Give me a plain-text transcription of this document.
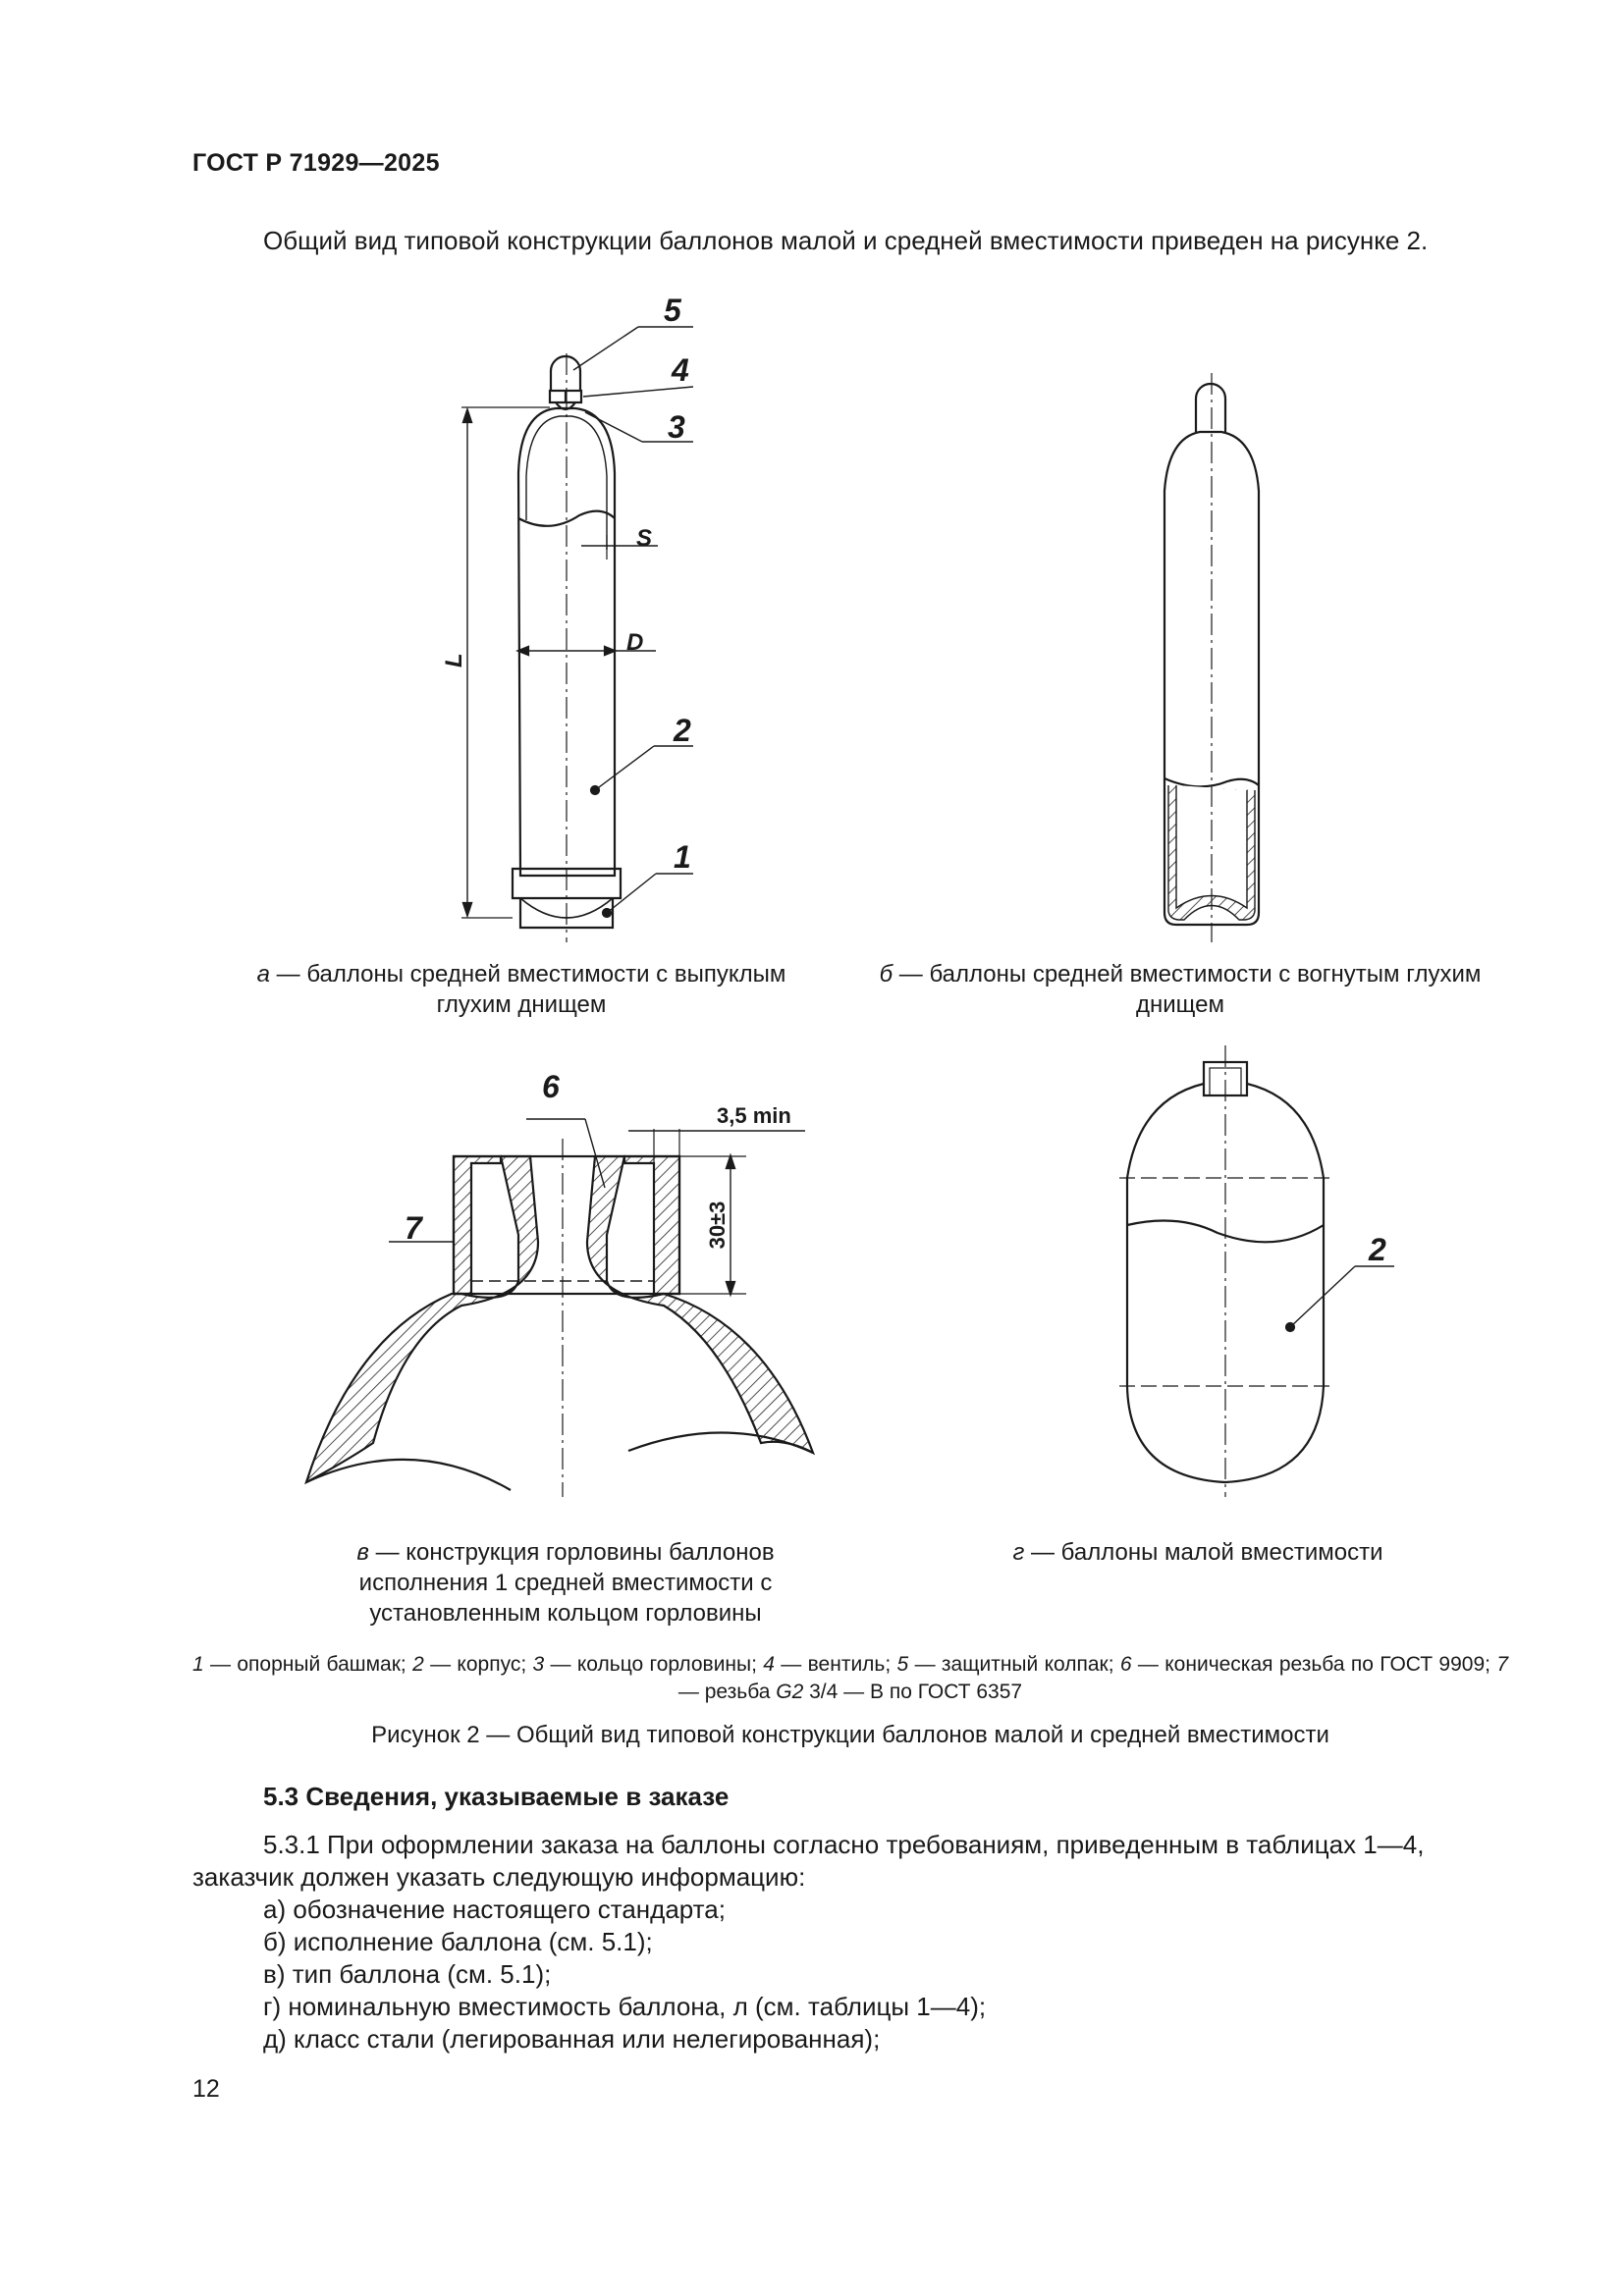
ГОСТ Р 71929—2025
Общий вид типовой конструкции баллонов малой и средней вместимости приведен на рисунке 2.
5
4
3
S
D
L
2
1
6
7
3,5 min
30±3
2
а — баллоны средней вместимости с выпуклым
глухим днищем
б — баллоны средней вместимости с вогнутым глухим
днищем
в — конструкция горловины баллонов
исполнения 1 средней вместимости с
установленным кольцом горловины
г — баллоны малой вместимости
1 — опорный башмак; 2 — корпус; 3 — кольцо горловины; 4 — вентиль; 5 — защитный колпак; 6 — коническая резьба по ГОСТ 9909; 7 — резьба G2 3/4 — B по ГОСТ 6357
Рисунок 2 — Общий вид типовой конструкции баллонов малой и средней вместимости
5.3 Сведения, указываемые в заказе
5.3.1 При оформлении заказа на баллоны согласно требованиям, приведенным в таблицах 1—4,
заказчик должен указать следующую информацию:
а) обозначение настоящего стандарта;
б) исполнение баллона (см. 5.1);
в) тип баллона (см. 5.1);
г) номинальную вместимость баллона, л (см. таблицы 1—4);
д) класс стали (легированная или нелегированная);
12
